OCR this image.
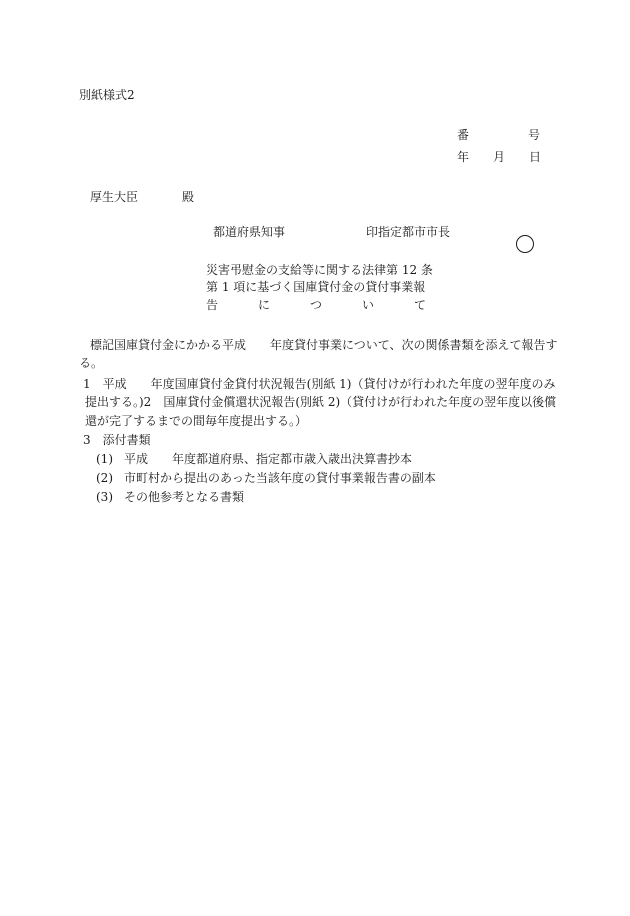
別紙様式2
番	号
年 月 日
厚生大臣	殿
都道府県知事	印指定都市市長
災害弔慰金の支給等に関する法律第 12 条
第 1 項に基づく国庫貸付金の貸付事業報
告	に	つ	い	て
標記国庫貸付金にかかる平成　　年度貸付事業について、次の関係書類を添えて報告す
る。
1　平成　　年度国庫貸付金貸付状況報告(別紙 1)（貸付けが行われた年度の翌年度のみ
提出する。)2　国庫貸付金償還状況報告(別紙 2)（貸付けが行われた年度の翌年度以後償
還が完了するまでの間毎年度提出する。）
3　添付書類
(1) 平成　　年度都道府県、指定都市歳入歳出決算書抄本
(2) 市町村から提出のあった当該年度の貸付事業報告書の副本
(3) その他参考となる書類
